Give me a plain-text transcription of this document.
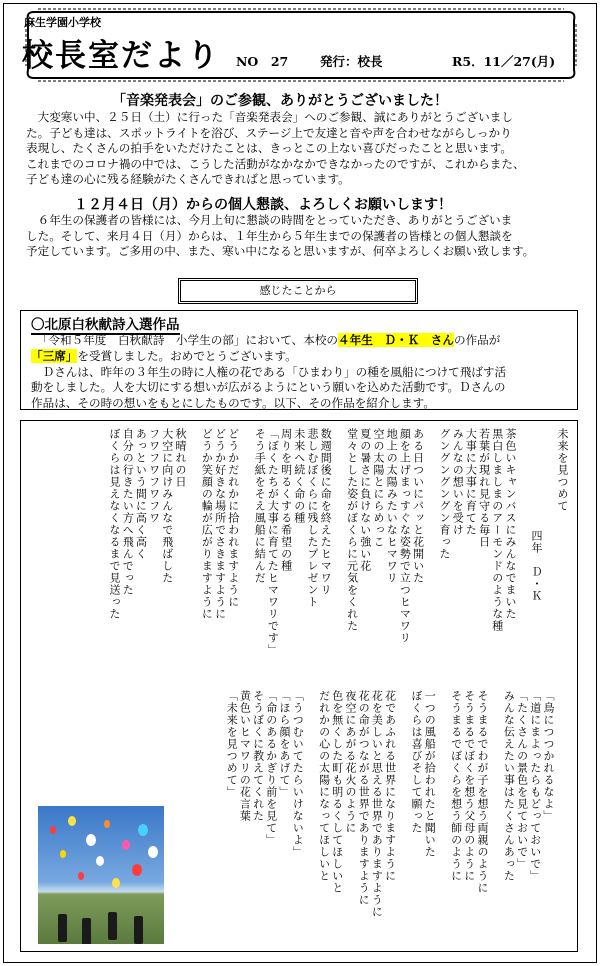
麻生学園小学校
校長室だより NO　27	発行：校長	R5．11／27(月)
「音楽発表会」のご参観、ありがとうございました！

　大変寒い中、２５日（土）に行った「音楽発表会」へのご参観、誠にありがとうございまし

た。子ども達は、スポットライトを浴び、ステージ上で友達と音や声を合わせながらしっかり

表現し、たくさんの拍手をいただけたことは、きっとこの上ない喜びだったことと思います。

これまでのコロナ禍の中では、こうした活動がなかなかできなかったのですが、これからまた、

子ども達の心に残る経験がたくさんできればと思っています。

１２月４日（月）からの個人懇談、よろしくお願いします！

　６年生の保護者の皆様には、今月上旬に懇談の時間をとっていただき、ありがとうございま

した。そして、来月４日（月）からは、１年生から５年生までの保護者の皆様との個人懇談を

予定しています。ご多用の中、また、寒い中になると思いますが、何卒よろしくお願い致します。

感じたことから
〇北原白秋献詩入選作品

　「令和５年度　白秋献詩　小学生の部」において、本校の４年生　Ｄ・Ｋ　さんの作品が

「三席」を受賞しました。おめでとうございます。

　Ｄさんは、昨年の３年生の時に人権の花である「ひまわり」の種を風船につけて飛ばす活

動をしました。人を大切にする想いが広がるようにという願いを込めた活動です。Ｄさんの

作品は、その時の想いをもとにしたものです。以下、その作品を紹介します。

未来を見つめて
四年　Ｄ・Ｋ
茶色いキャンバスにみんなでまいた
黒白しましまのアーモンドのような種
若葉が現れ見守る毎日
大事に大事に育てた
みんなの想いを受け
グングングングン育った
ある日ついにパッと花開いた
顔を上げまっすぐな姿勢で立つヒマワリ
地上の太陽みたいなヒマワリ
空の太陽とにらめっこ
夏の暑さに負けない強い花
堂々とした姿がぼくらに元気をくれた
数週間後に命を終えたヒマワリ
悲しむぼくらに残したプレゼント
未来へ続く命の種
周りを明るくする希望の種
「ぼくたちが大事に育てたヒマワリです」
そう手紙をそえ風船に結んだ
どうかだれかに拾われますように
どうか好きな場所でさきますように
どうか笑顔の輪が広がりますように
秋晴れの日
大空に向けみんなで飛ばした
フワフワフワフワ
あっという間に高く高く
自分の行きたい方へ飛んでった
ぼくらは見えなくなるまで見送った
「鳥につつかれるなよ」
「道にまよったらもどっておいで」
「たくさんの景色を見ておいで」
みんな伝えたい事はたくさんあった
そうまるでわが子を想う両親のように
そうまるでぼくを想う父母のように
そうまるでぼくらを想う師のように
一つの風船が拾われたと聞いた
ぼくらは喜びそして願った
花であふれる世界になりますように
花を美しいと思える世界でありますように
花の命がつながる世界でありますように
夜空にあがる花火のように
色を無くした町も明るくしてほしいと
だれかの心の太陽になってほしいと
「うつむいてたらいけないよ」
「ほら顔をあげて」
「命のあるかぎり前を見て」
そうぼくに教えてくれた
黄色いヒマワリの花言葉
「未来を見つめて」
